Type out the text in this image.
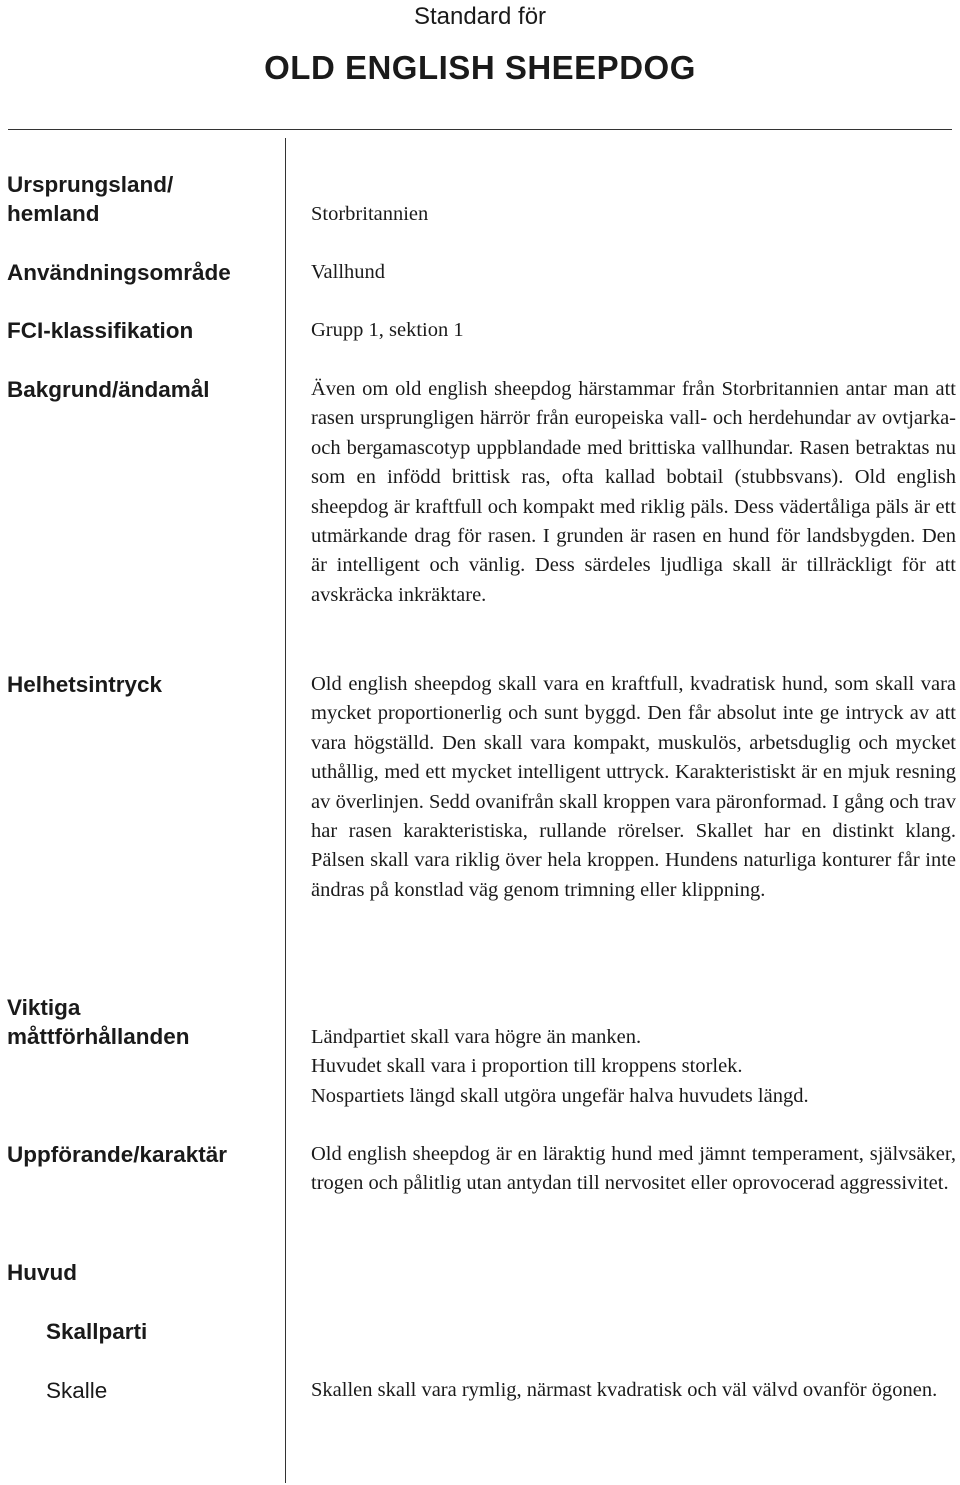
Standard för
OLD ENGLISH SHEEPDOG
Ursprungsland/
hemland	Storbritannien
Användningsområde	Vallhund
FCI-klassifikation	Grupp 1, sektion 1
Bakgrund/ändamål	Även om old english sheepdog härstammar från Storbritannien antar man att rasen ursprungligen härrör från europeiska vall- och herdehundar av ovtjarka- och bergamascotyp uppblandade med brittiska vallhundar. Rasen betraktas nu som en infödd brittisk ras, ofta kallad bobtail (stubbsvans). Old english sheepdog är kraftfull och kompakt med riklig päls. Dess vädertåliga päls är ett utmärkande drag för rasen. I grunden är rasen en hund för landsbygden. Den är intelligent och vänlig. Dess särdeles ljudliga skall är tillräckligt för att avskräcka inkräktare.
Helhetsintryck	Old english sheepdog skall vara en kraftfull, kvadratisk hund, som skall vara mycket proportionerlig och sunt byggd. Den får absolut inte ge intryck av att vara högställd. Den skall vara kompakt, muskulös, arbetsduglig och mycket uthållig, med ett mycket intelligent uttryck. Karakteristiskt är en mjuk resning av överlinjen. Sedd ovanifrån skall kroppen vara päronformad. I gång och trav har rasen karakteristiska, rullande rörelser. Skallet har en distinkt klang. Pälsen skall vara riklig över hela kroppen. Hundens naturliga konturer får inte ändras på konstlad väg genom trimning eller klippning.
Viktiga
måttförhållanden	Ländpartiet skall vara högre än manken.
Huvudet skall vara i proportion till kroppens storlek.
Nospartiets längd skall utgöra ungefär halva huvudets längd.
Uppförande/karaktär	Old english sheepdog är en läraktig hund med jämnt temperament, självsäker, trogen och pålitlig utan antydan till nervositet eller oprovocerad aggressivitet.
Huvud
Skallparti
Skalle	Skallen skall vara rymlig, närmast kvadratisk och väl välvd ovanför ögonen.
